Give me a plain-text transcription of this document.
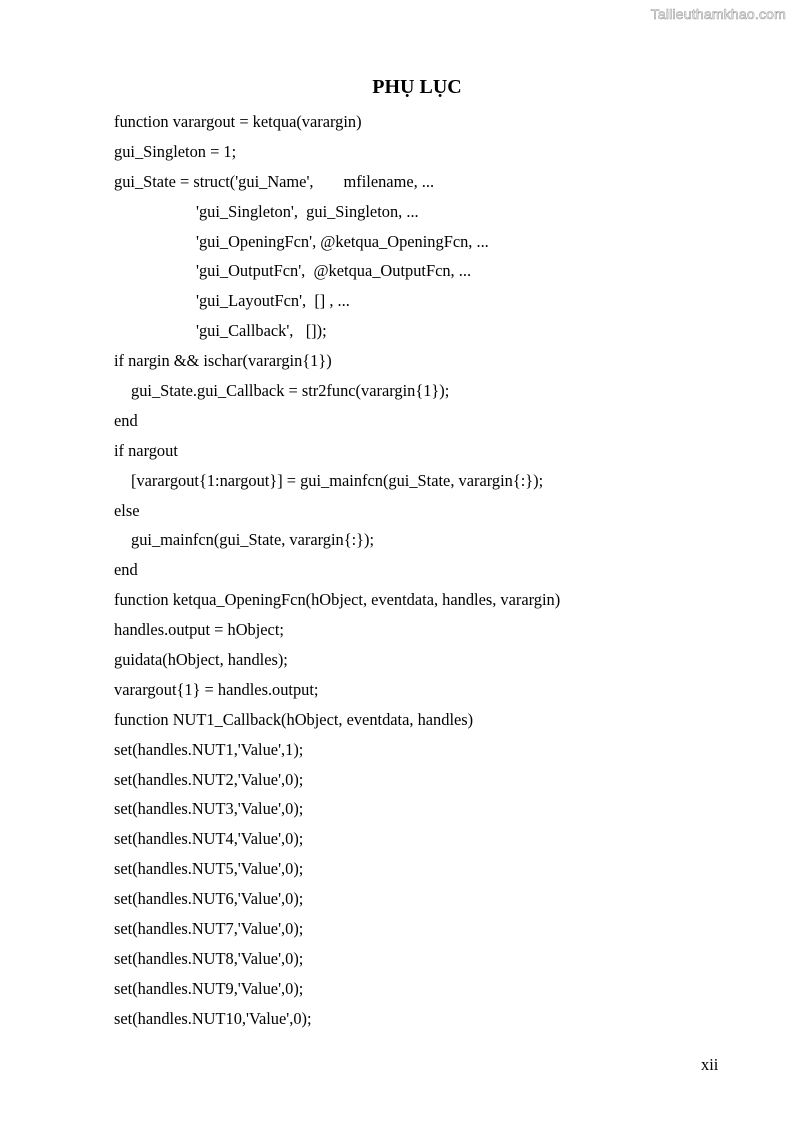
Tailieuthamkhao.com
PHỤ LỤC
function varargout = ketqua(varargin)
gui_Singleton = 1;
gui_State = struct('gui_Name', mfilename, ...
'gui_Singleton',  gui_Singleton, ...
'gui_OpeningFcn', @ketqua_OpeningFcn, ...
'gui_OutputFcn',  @ketqua_OutputFcn, ...
'gui_LayoutFcn',  [] , ...
'gui_Callback',   []);
if nargin && ischar(varargin{1})
gui_State.gui_Callback = str2func(varargin{1});
end
if nargout
[varargout{1:nargout}] = gui_mainfcn(gui_State, varargin{:});
else
gui_mainfcn(gui_State, varargin{:});
end
function ketqua_OpeningFcn(hObject, eventdata, handles, varargin)
handles.output = hObject;
guidata(hObject, handles);
varargout{1} = handles.output;
function NUT1_Callback(hObject, eventdata, handles)
set(handles.NUT1,'Value',1);
set(handles.NUT2,'Value',0);
set(handles.NUT3,'Value',0);
set(handles.NUT4,'Value',0);
set(handles.NUT5,'Value',0);
set(handles.NUT6,'Value',0);
set(handles.NUT7,'Value',0);
set(handles.NUT8,'Value',0);
set(handles.NUT9,'Value',0);
set(handles.NUT10,'Value',0);
xii
